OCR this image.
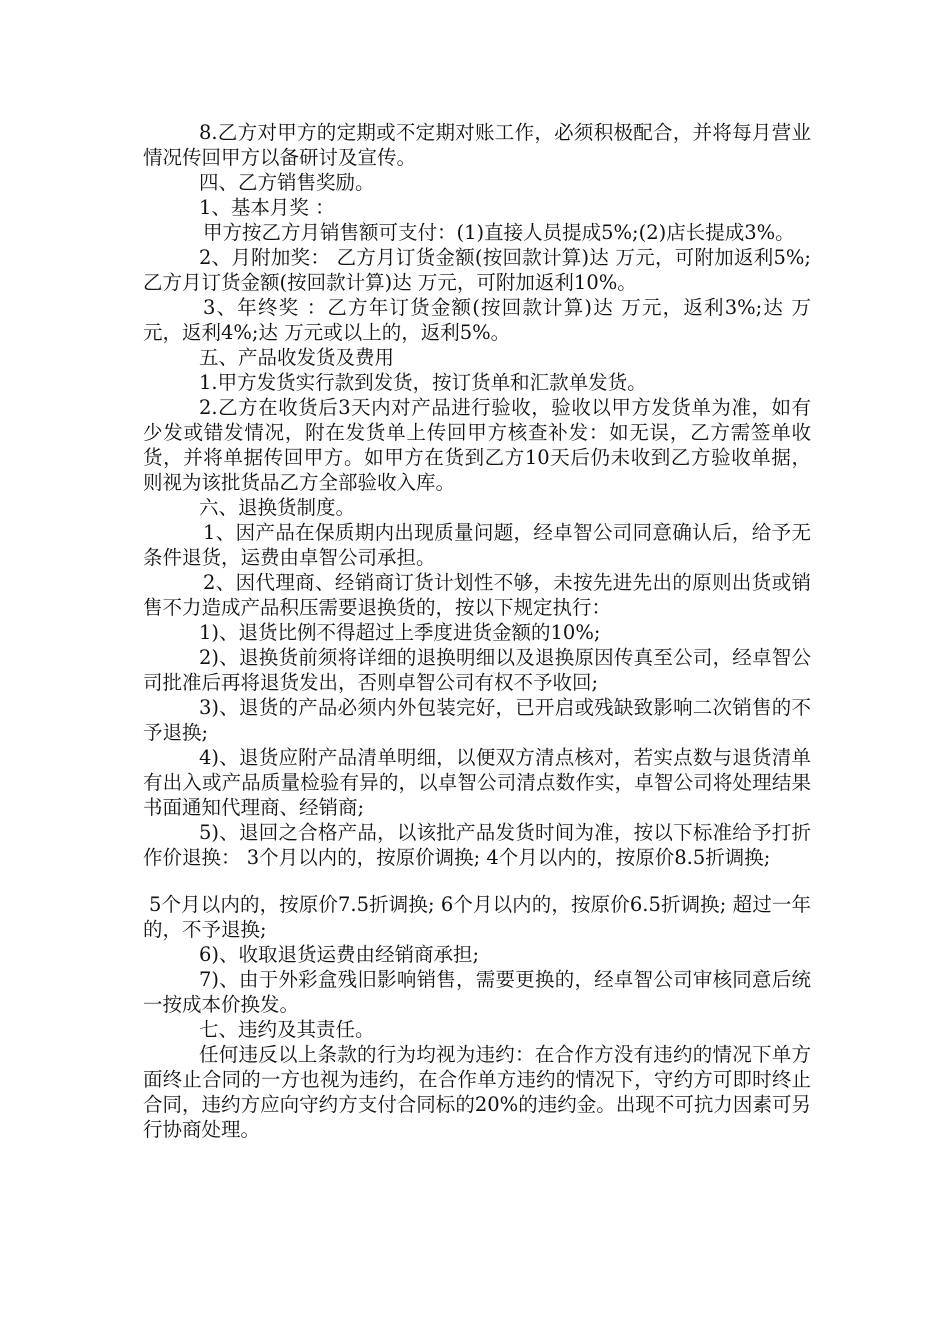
8.乙方对甲方的定期或不定期对账工作，必须积极配合，并将每月营业情况传回甲方以备研讨及宣传。

四、乙方销售奖励。

1、基本月奖 ：

甲方按乙方月销售额可支付：(1)直接人员提成5%;(2)店长提成3%。

2、月附加奖： 乙方月订货金额(按回款计算)达 万元，可附加返利5%;乙方月订货金额(按回款计算)达 万元，可附加返利10%。

3、年终奖 ：乙方年订货金额(按回款计算)达 万元，返利3%;达 万元，返利4%;达 万元或以上的，返利5%。

五、产品收发货及费用

1.甲方发货实行款到发货，按订货单和汇款单发货。

2.乙方在收货后3天内对产品进行验收，验收以甲方发货单为准，如有少发或错发情况，附在发货单上传回甲方核查补发：如无误，乙方需签单收货，并将单据传回甲方。如甲方在货到乙方10天后仍未收到乙方验收单据，则视为该批货品乙方全部验收入库。

六、退换货制度。

1、因产品在保质期内出现质量问题，经卓智公司同意确认后，给予无条件退货，运费由卓智公司承担。

2、因代理商、经销商订货计划性不够，未按先进先出的原则出货或销售不力造成产品积压需要退换货的，按以下规定执行：

1)、退货比例不得超过上季度进货金额的10%;

2)、退换货前须将详细的退换明细以及退换原因传真至公司，经卓智公司批准后再将退货发出，否则卓智公司有权不予收回;

3)、退货的产品必须内外包装完好，已开启或残缺致影响二次销售的不予退换;

4)、退货应附产品清单明细，以便双方清点核对，若实点数与退货清单有出入或产品质量检验有异的，以卓智公司清点数作实，卓智公司将处理结果书面通知代理商、经销商;

5)、退回之合格产品，以该批产品发货时间为准，按以下标准给予打折作价退换： 3个月以内的，按原价调换; 4个月以内的，按原价8.5折调换;

5个月以内的，按原价7.5折调换; 6个月以内的，按原价6.5折调换; 超过一年的，不予退换;

6)、收取退货运费由经销商承担;

7)、由于外彩盒残旧影响销售，需要更换的，经卓智公司审核同意后统一按成本价换发。

七、违约及其责任。

任何违反以上条款的行为均视为违约：在合作方没有违约的情况下单方面终止合同的一方也视为违约，在合作单方违约的情况下，守约方可即时终止合同，违约方应向守约方支付合同标的20%的违约金。出现不可抗力因素可另行协商处理。
